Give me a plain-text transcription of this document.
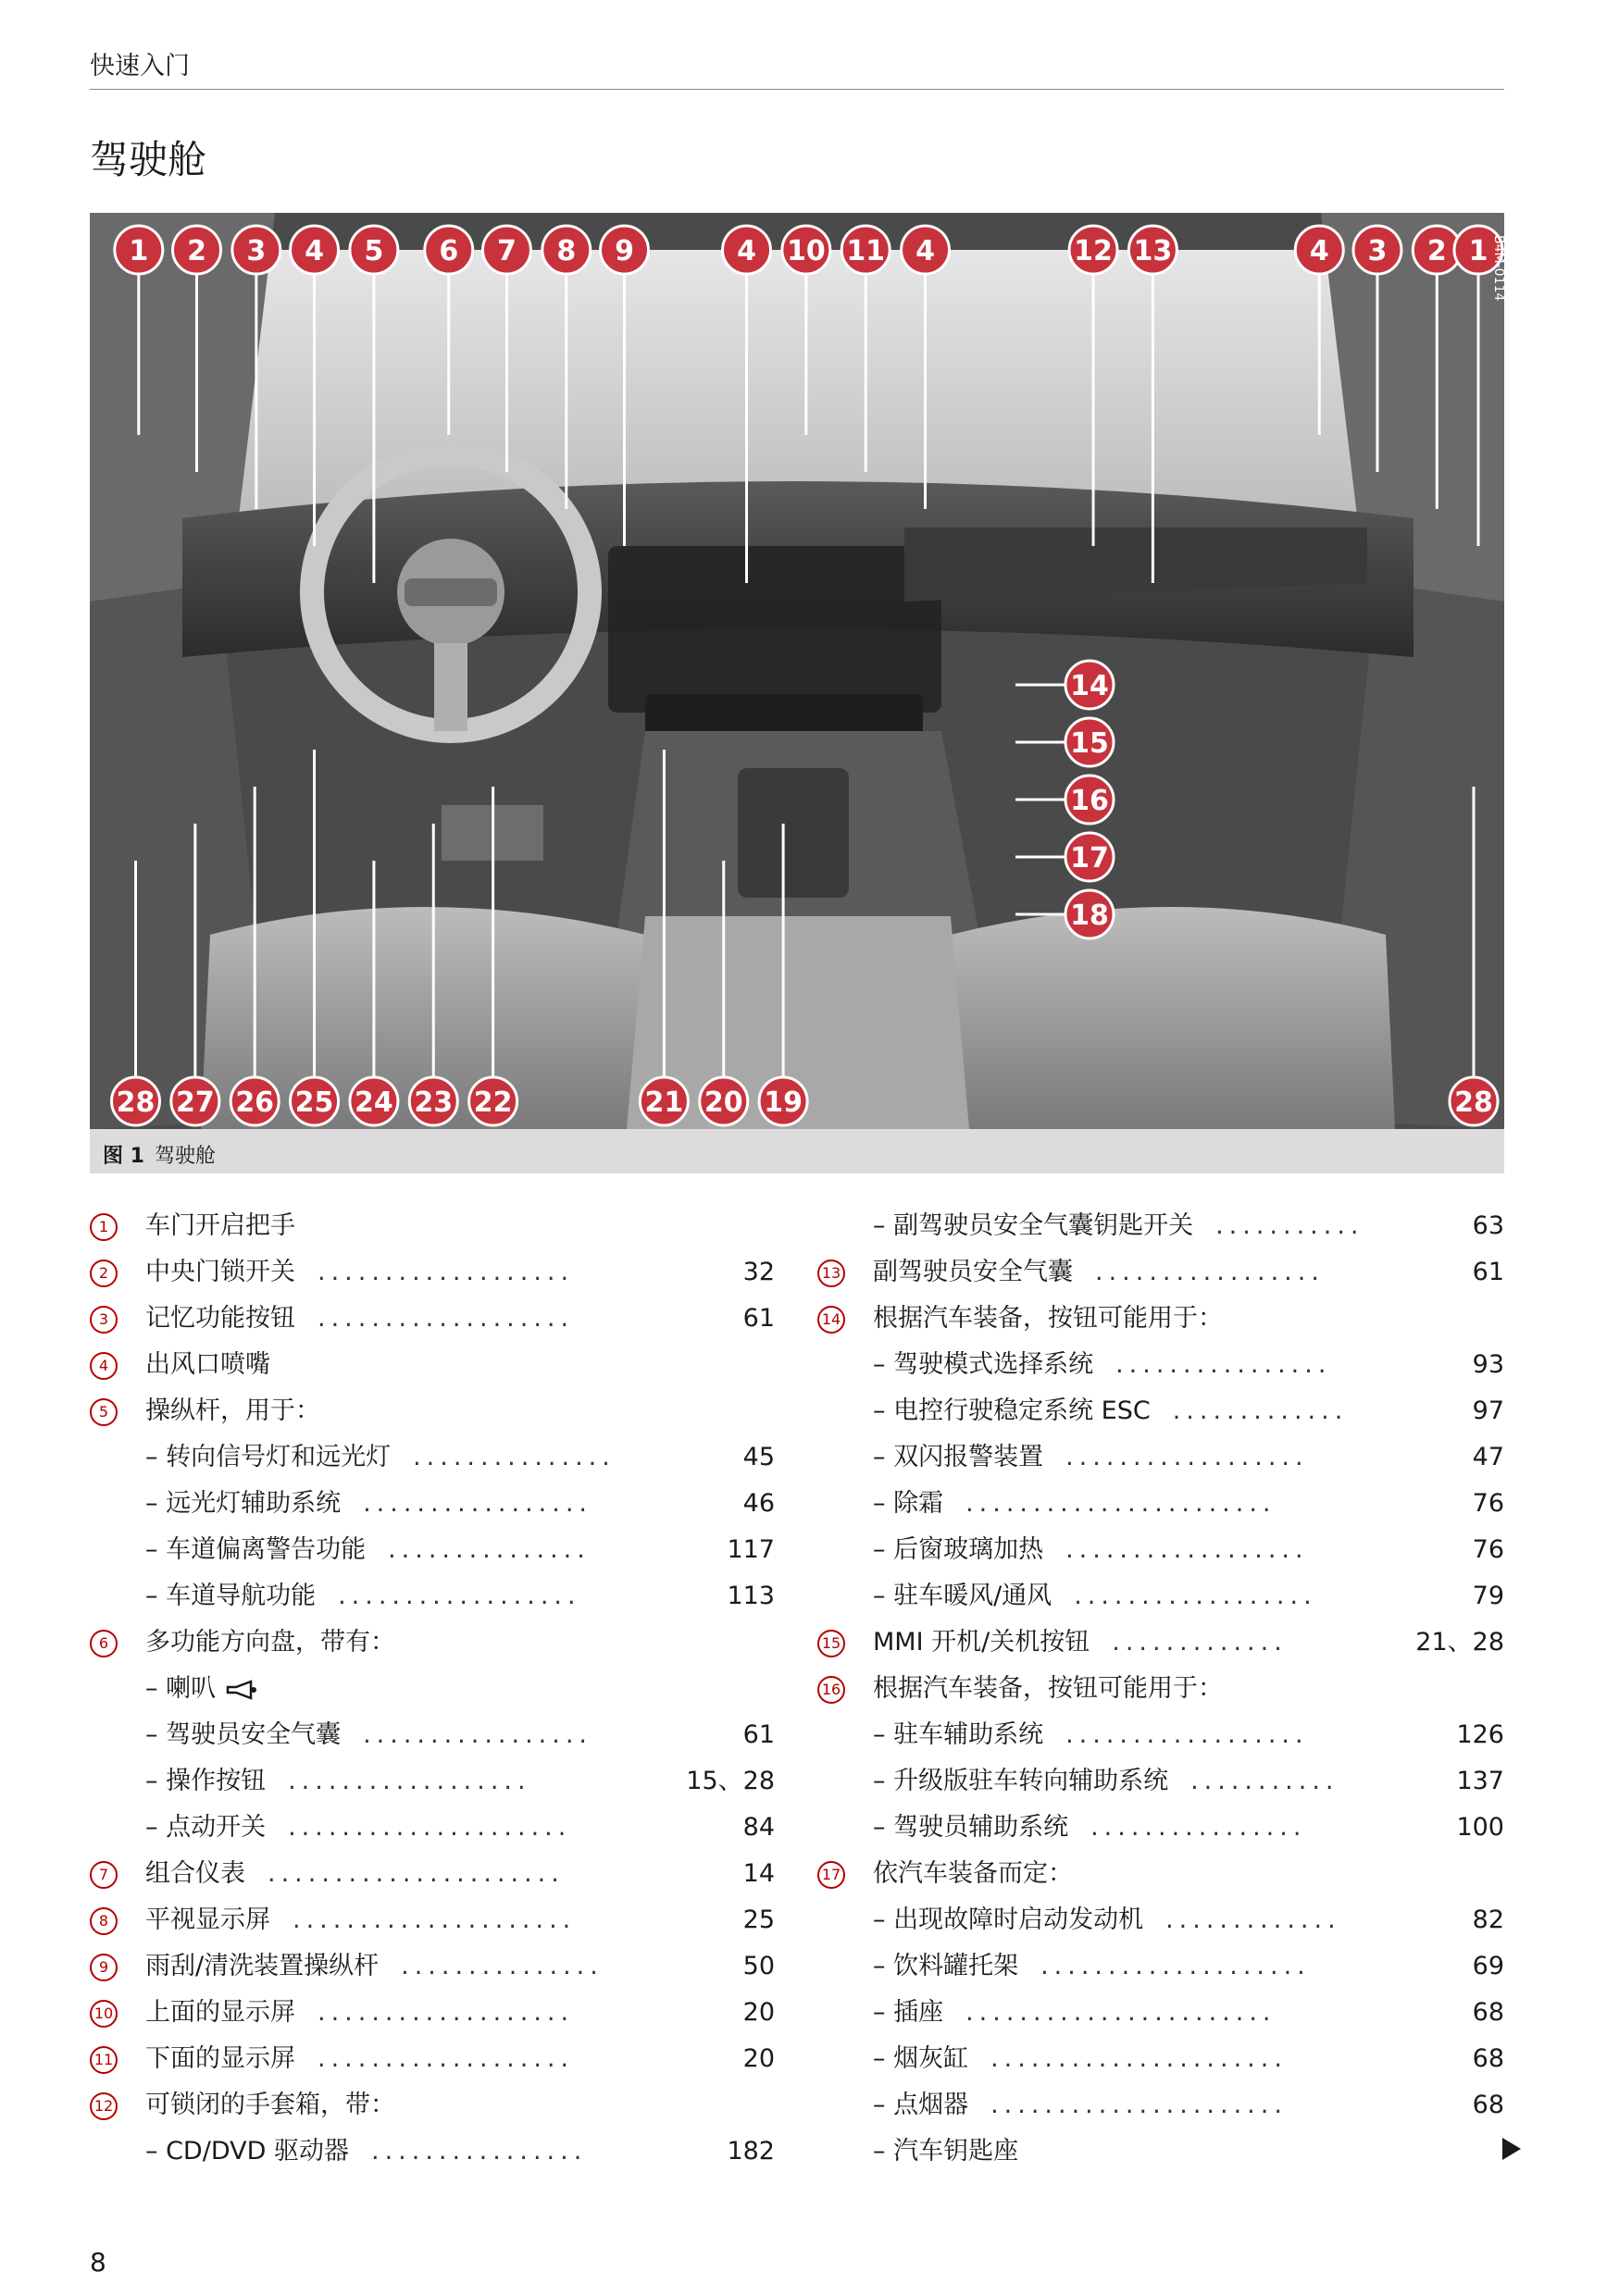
快速入门
驾驶舱
1 2 3 4 5 6 7 8 9	4 10 11 4	12 13	4 3 2 1
14
15
16
17
18
28 27 26 25 24 23 22	21 20 19	28
B4M-0114
图 1 驾驶舱
1	车门开启把手
2	中央门锁开关 ...................	32
3	记忆功能按钮 ...................	61
4	出风口喷嘴
5	操纵杆，用于：
– 转向信号灯和远光灯 ...............	45
– 远光灯辅助系统 .................	46
– 车道偏离警告功能 ...............	117
– 车道导航功能 ..................	113
6	多功能方向盘，带有：
– 喇叭
– 驾驶员安全气囊 .................	61
– 操作按钮 ..................	15、28
– 点动开关 .....................	84
7	组合仪表 ......................	14
8	平视显示屏 .....................	25
9	雨刮/清洗装置操纵杆 ...............	50
10 上面的显示屏 ...................	20
11 下面的显示屏 ...................	20
12 可锁闭的手套箱，带：
– CD/DVD 驱动器 ................	182
– 副驾驶员安全气囊钥匙开关 ...........	63
13 副驾驶员安全气囊 .................	61
14 根据汽车装备，按钮可能用于：
– 驾驶模式选择系统 ................	93
– 电控行驶稳定系统 ESC .............	97
– 双闪报警装置 ..................	47
– 除霜 .......................	76
– 后窗玻璃加热 ..................	76
– 驻车暖风/通风 ..................	79
15 MMI 开机/关机按钮 .............	21、28
16 根据汽车装备，按钮可能用于：
– 驻车辅助系统 ..................	126
– 升级版驻车转向辅助系统 ...........	137
– 驾驶员辅助系统 ................	100
17 依汽车装备而定：
– 出现故障时启动发动机 .............	82
– 饮料罐托架 ....................	69
– 插座 .......................	68
– 烟灰缸 ......................	68
– 点烟器 ......................	68
– 汽车钥匙座
8
